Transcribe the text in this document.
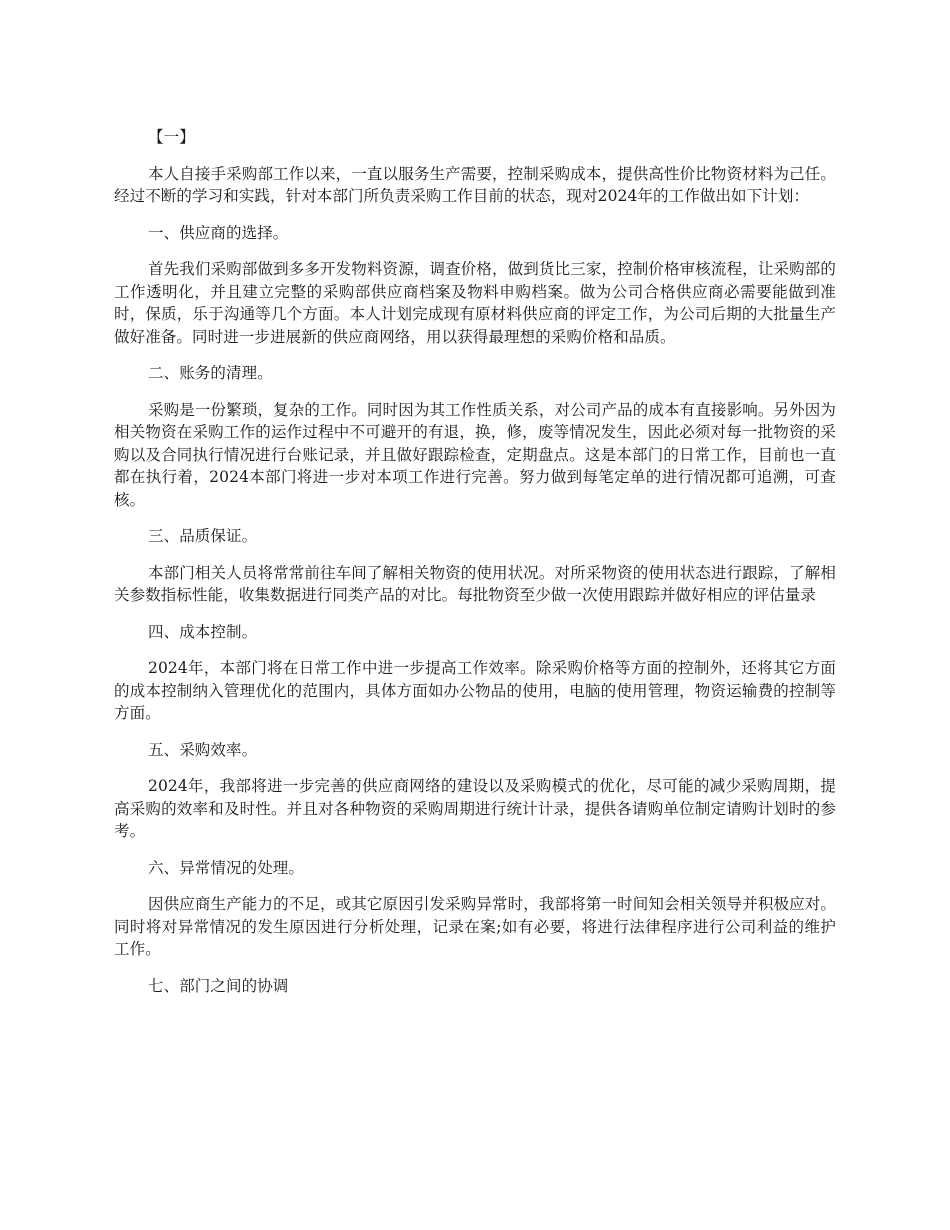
【一】

本人自接手采购部工作以来，一直以服务生产需要，控制采购成本，提供高性价比物资材料为己任。经过不断的学习和实践，针对本部门所负责采购工作目前的状态，现对2024年的工作做出如下计划：

一、供应商的选择。

首先我们采购部做到多多开发物料资源，调查价格，做到货比三家，控制价格审核流程，让采购部的工作透明化，并且建立完整的采购部供应商档案及物料申购档案。做为公司合格供应商必需要能做到准时，保质，乐于沟通等几个方面。本人计划完成现有原材料供应商的评定工作，为公司后期的大批量生产做好准备。同时进一步进展新的供应商网络，用以获得最理想的采购价格和品质。

二、账务的清理。

采购是一份繁琐，复杂的工作。同时因为其工作性质关系，对公司产品的成本有直接影响。另外因为相关物资在采购工作的运作过程中不可避开的有退，换，修，废等情况发生，因此必须对每一批物资的采购以及合同执行情况进行台账记录，并且做好跟踪检查，定期盘点。这是本部门的日常工作，目前也一直都在执行着，2024本部门将进一步对本项工作进行完善。努力做到每笔定单的进行情况都可追溯，可查核。

三、品质保证。

本部门相关人员将常常前往车间了解相关物资的使用状况。对所采物资的使用状态进行跟踪，了解相关参数指标性能，收集数据进行同类产品的对比。每批物资至少做一次使用跟踪并做好相应的评估量录

四、成本控制。

2024年，本部门将在日常工作中进一步提高工作效率。除采购价格等方面的控制外，还将其它方面的成本控制纳入管理优化的范围内，具体方面如办公物品的使用，电脑的使用管理，物资运输费的控制等方面。

五、采购效率。

2024年，我部将进一步完善的供应商网络的建设以及采购模式的优化，尽可能的减少采购周期，提高采购的效率和及时性。并且对各种物资的采购周期进行统计计录，提供各请购单位制定请购计划时的参考。

六、异常情况的处理。

因供应商生产能力的不足，或其它原因引发采购异常时，我部将第一时间知会相关领导并积极应对。同时将对异常情况的发生原因进行分析处理，记录在案;如有必要，将进行法律程序进行公司利益的维护工作。

七、部门之间的协调
